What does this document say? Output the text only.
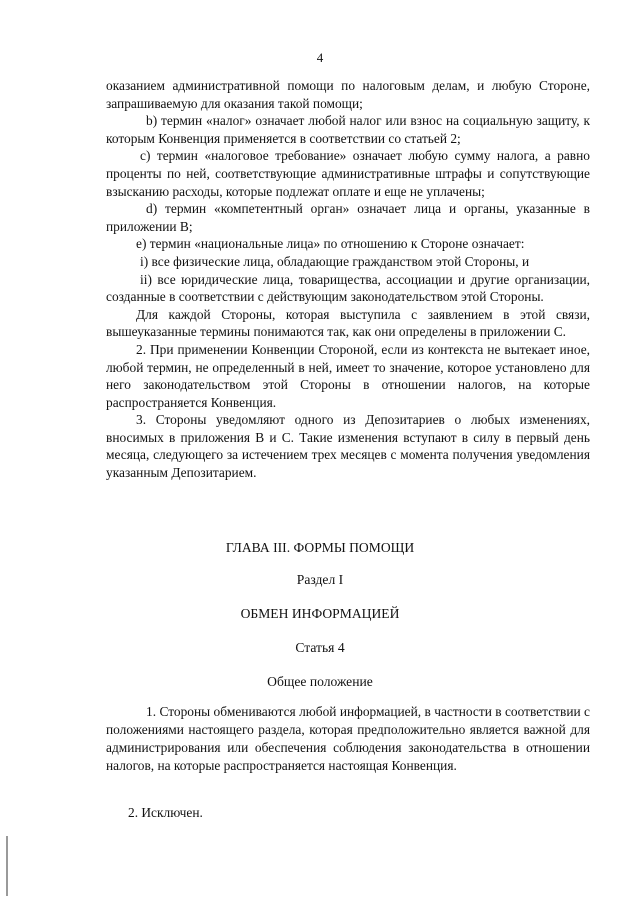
4

оказанием административной помощи по налоговым делам, и любую Стороне, запрашиваемую для оказания такой помощи;

b) термин «налог» означает любой налог или взнос на социальную защиту, к которым Конвенция применяется в соответствии со статьей 2;

c) термин «налоговое требование» означает любую сумму налога, а равно проценты по ней, соответствующие административные штрафы и сопутствующие взысканию расходы, которые подлежат оплате и еще не уплачены;

d) термин «компетентный орган» означает лица и органы, указанные в приложении В;

e) термин «национальные лица» по отношению к Стороне означает:

i) все физические лица, обладающие гражданством этой Стороны, и

ii) все юридические лица, товарищества, ассоциации и другие организации, созданные в соответствии с действующим законодательством этой Стороны.

Для каждой Стороны, которая выступила с заявлением в этой связи, вышеуказанные термины понимаются так, как они определены в приложении С.

2. При применении Конвенции Стороной, если из контекста не вытекает иное, любой термин, не определенный в ней, имеет то значение, которое установлено для него законодательством этой Стороны в отношении налогов, на которые распространяется Конвенция.

3. Стороны уведомляют одного из Депозитариев о любых изменениях, вносимых в приложения В и С. Такие изменения вступают в силу в первый день месяца, следующего за истечением трех месяцев с момента получения уведомления указанным Депозитарием.

ГЛАВА III. ФОРМЫ ПОМОЩИ
Раздел I
ОБМЕН ИНФОРМАЦИЕЙ
Статья 4
Общее положение

1. Стороны обмениваются любой информацией, в частности в соответствии с положениями настоящего раздела, которая предположительно является важной для администрирования или обеспечения соблюдения законодательства в отношении налогов, на которые распространяется настоящая Конвенция.

2. Исключен.
